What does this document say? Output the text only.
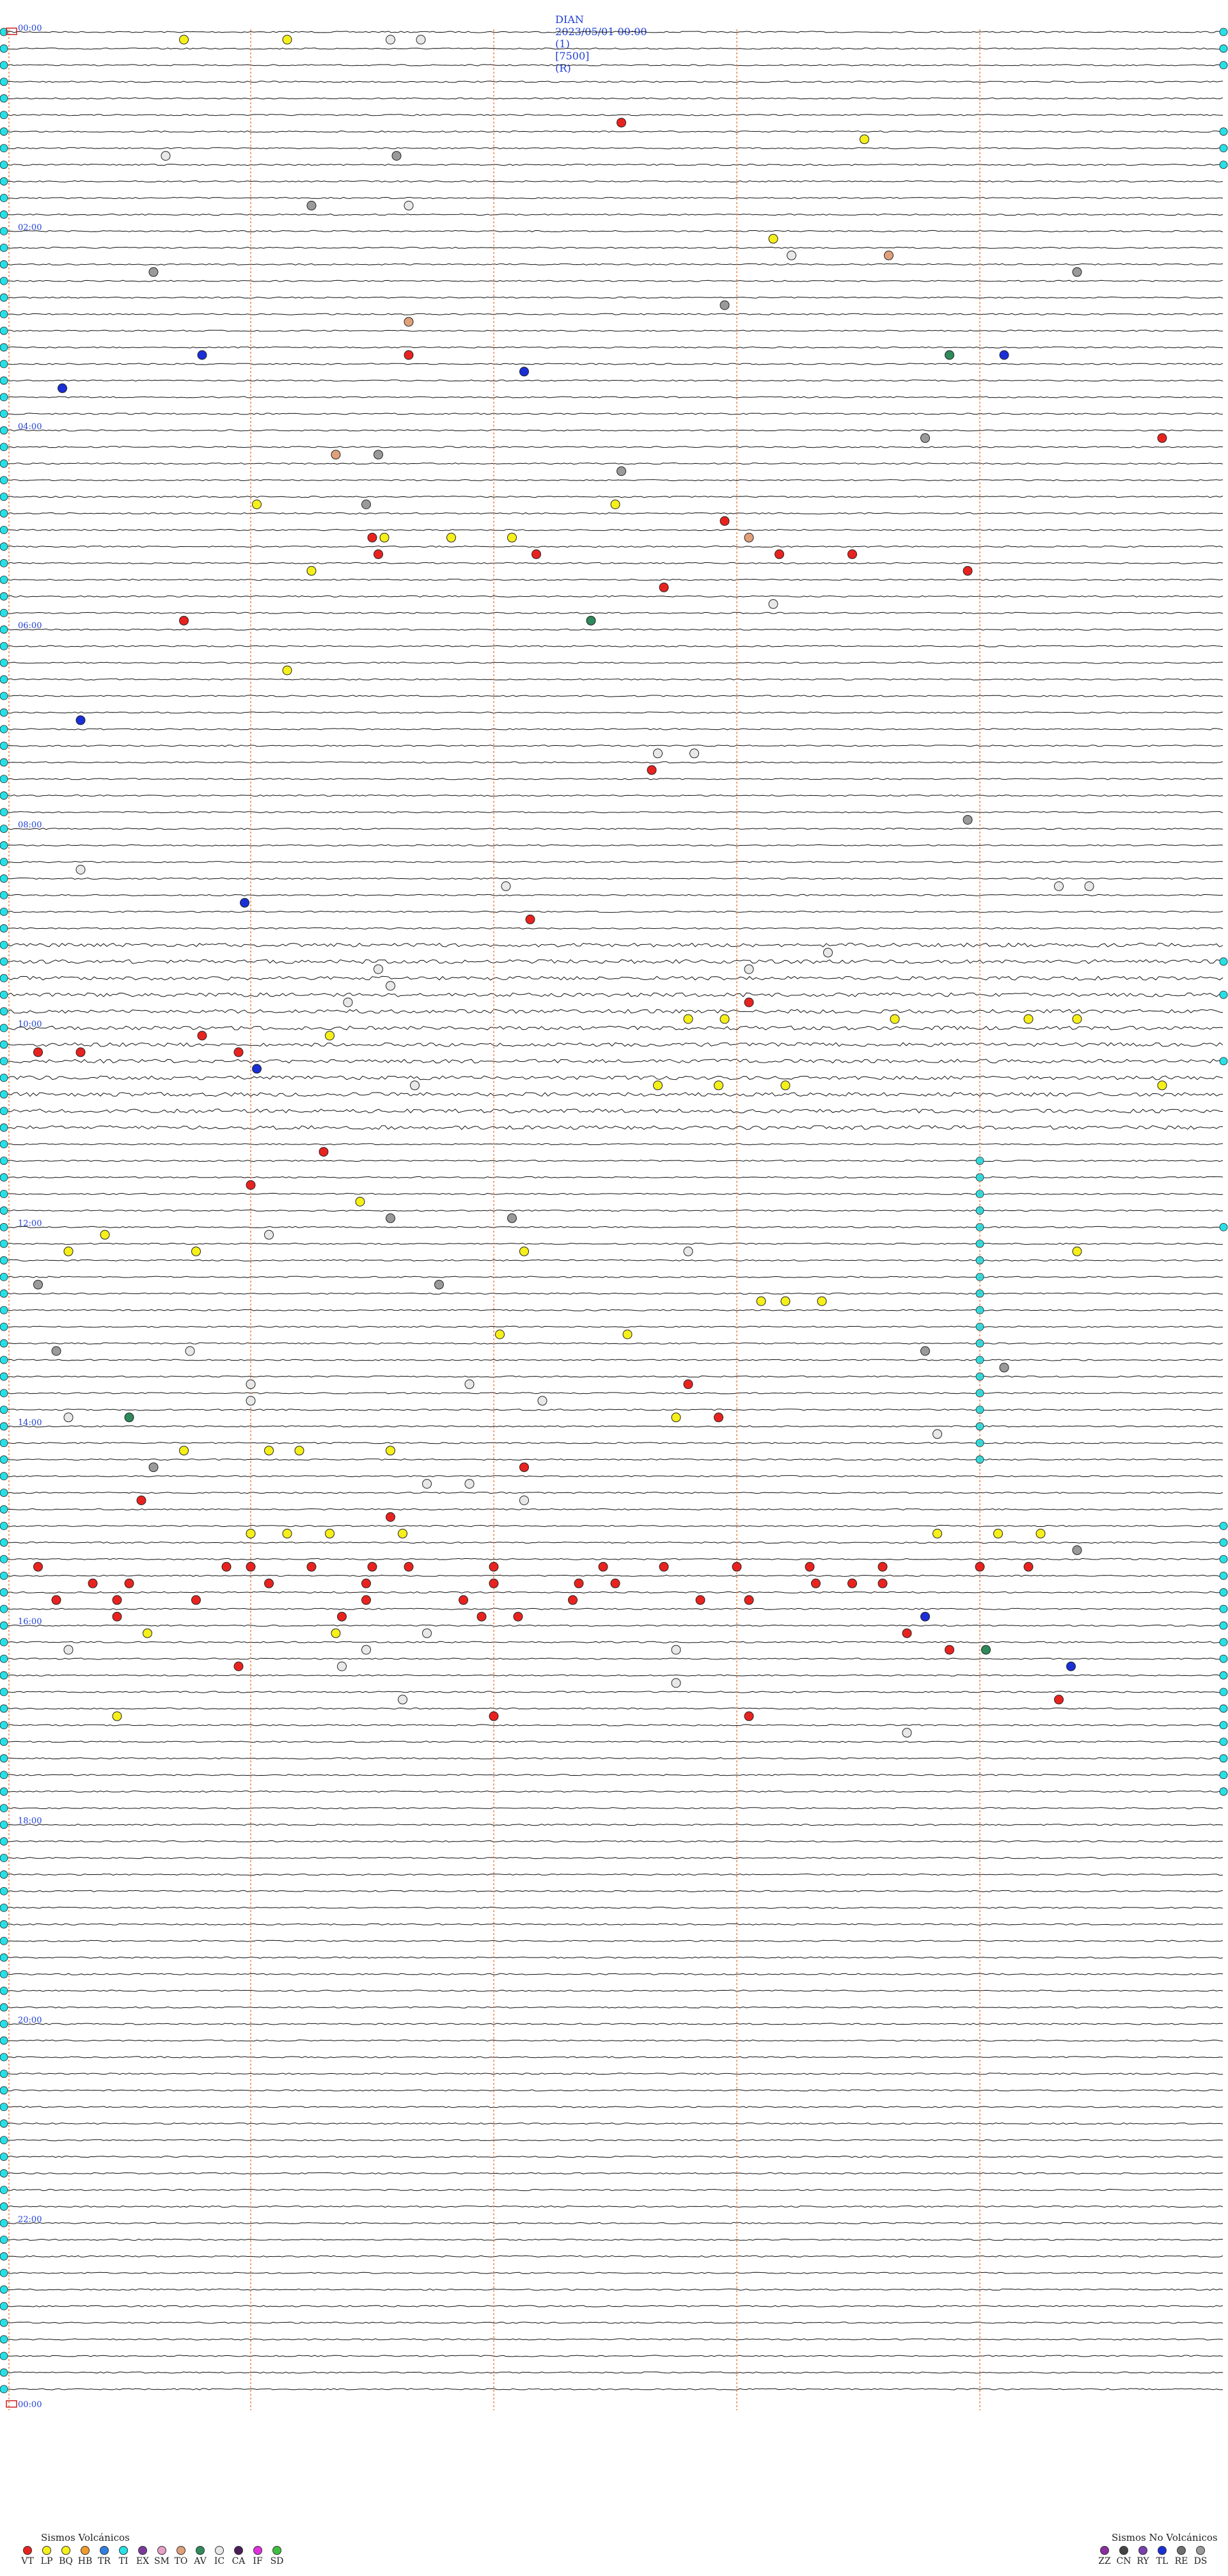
DIAN
2023/05/01 00:00
(1)
[7500]
(R)

00:00
02:00
04:00
06:00
08:00
10:00
12:00
14:00
16:00
18:00
20:00
22:00
00:00
Sismos Volcánicos
VT LP BQ HB TR TI EX SM TO AV IC CA IF SD
Sismos No Volcánicos
ZZ CN RY TL RE DS
